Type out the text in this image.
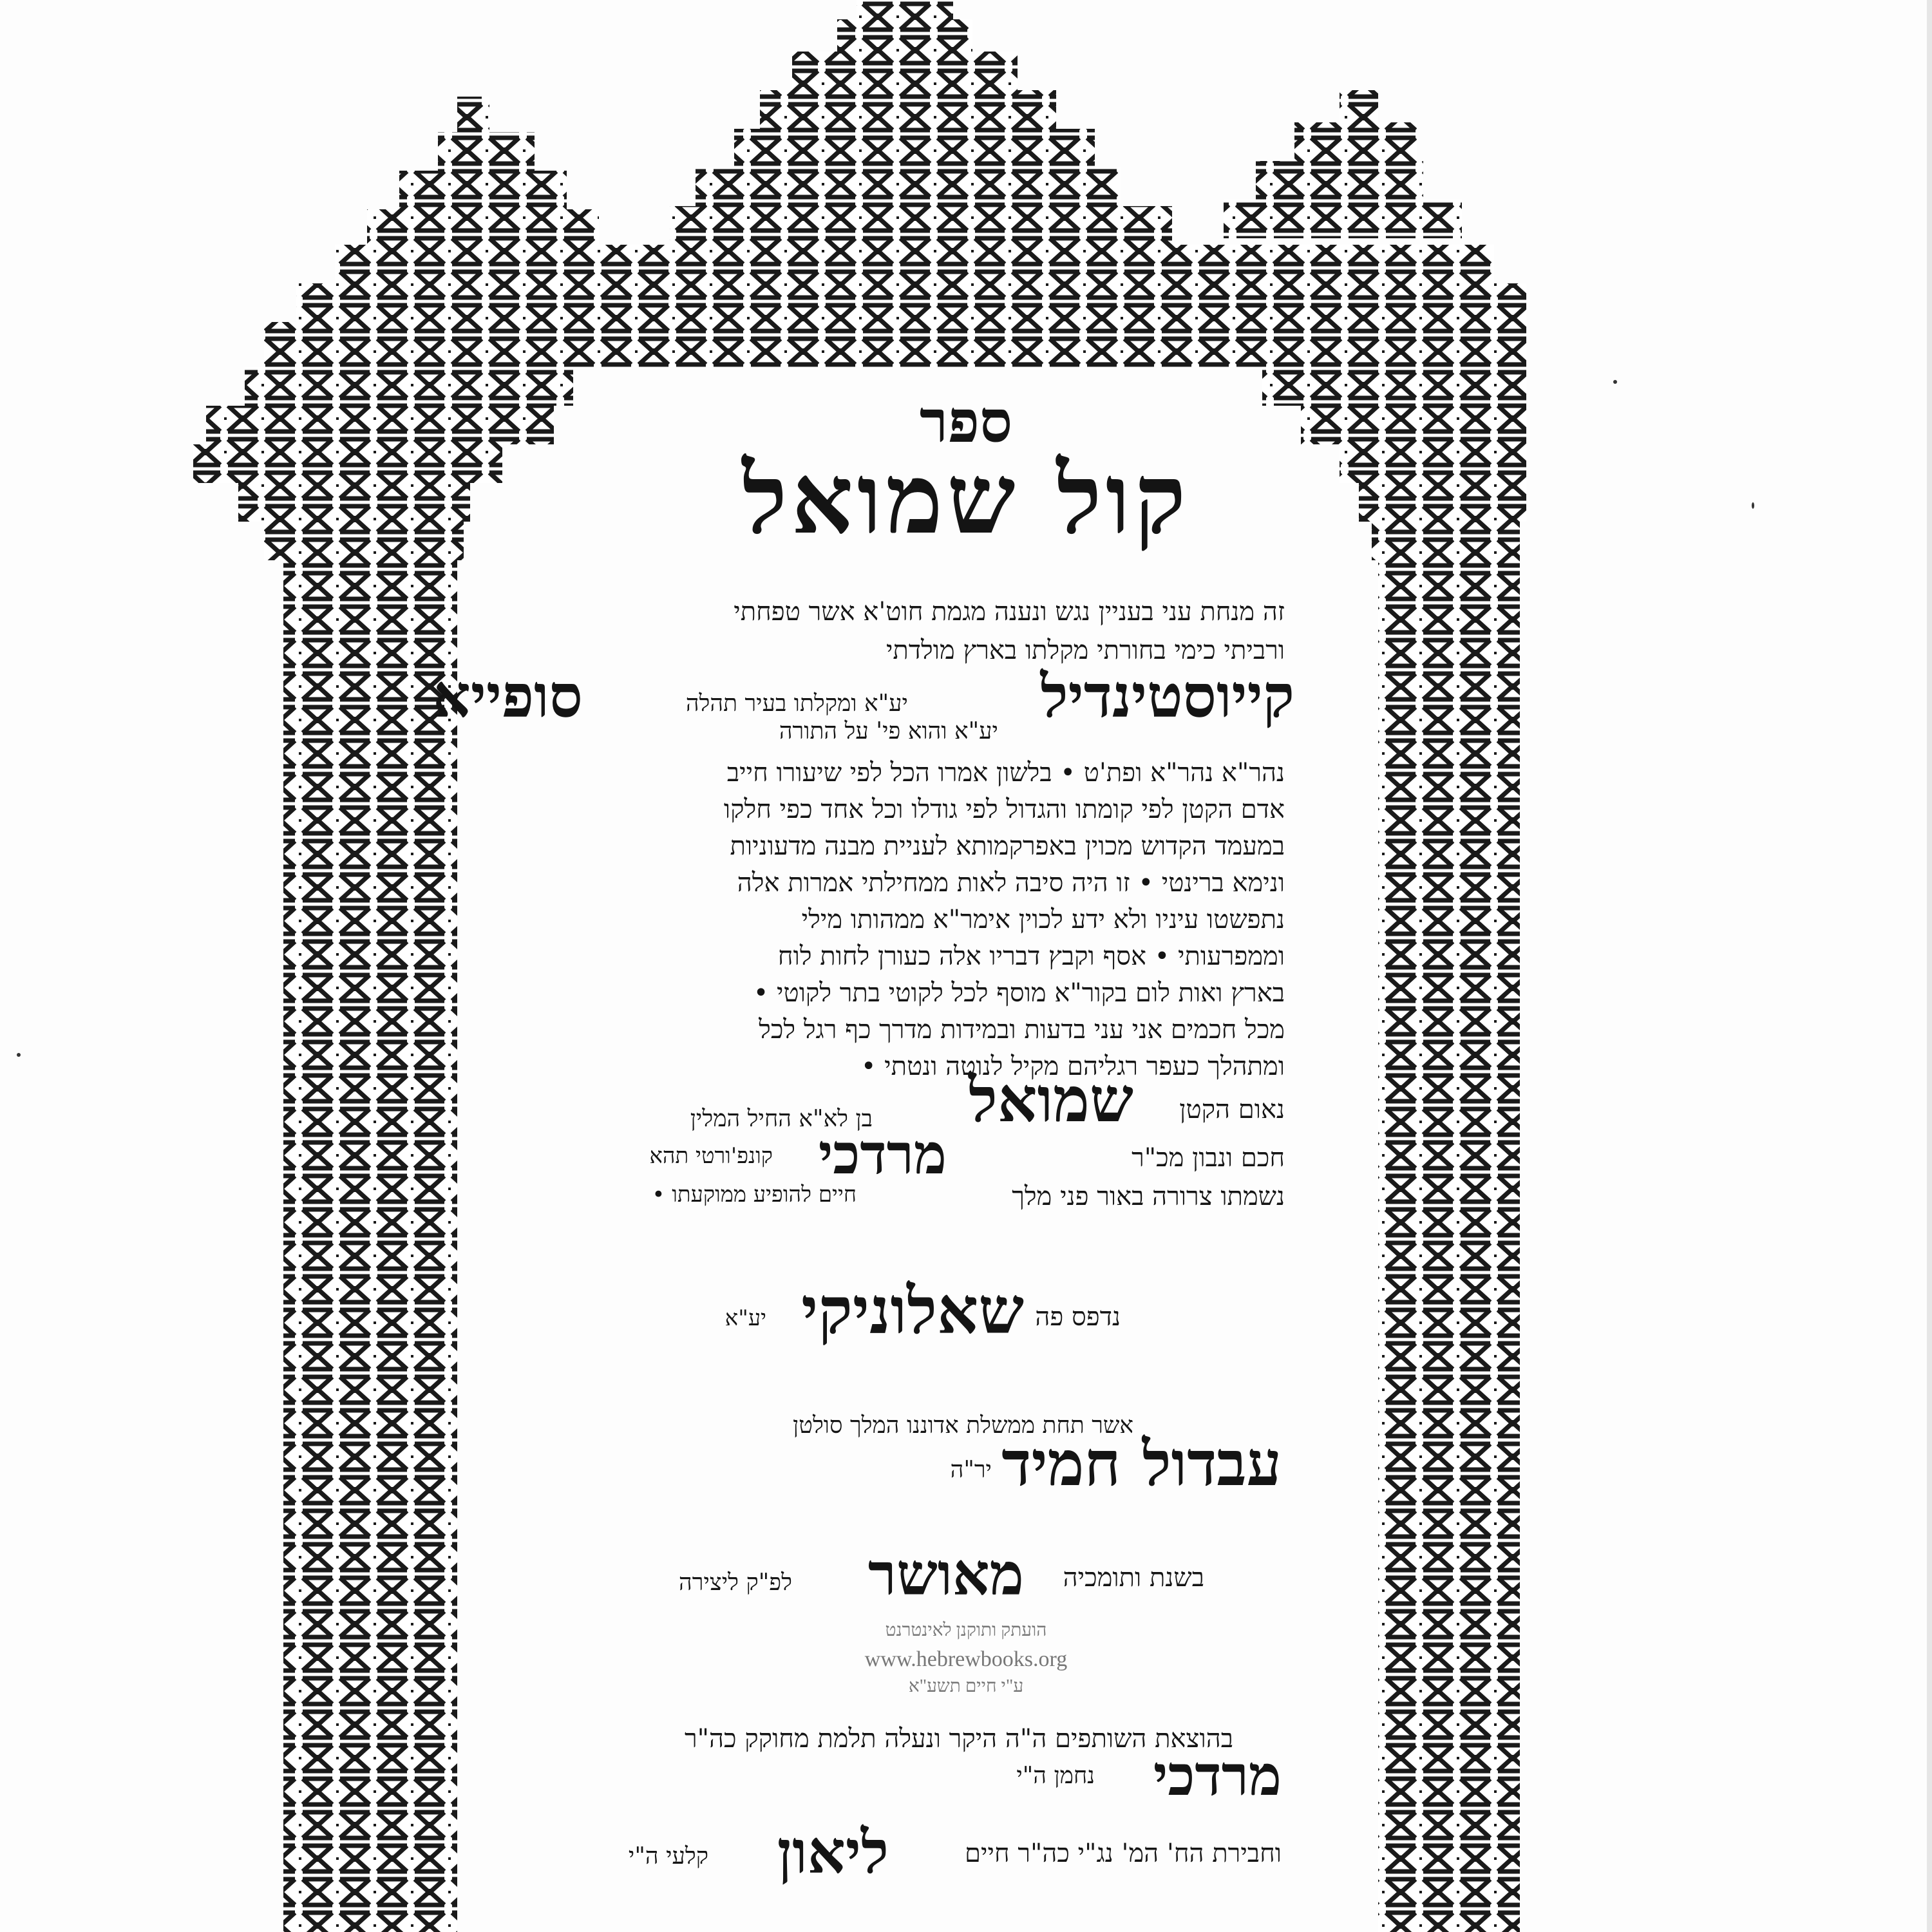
ספר
קול שמואל
זה מנחת עני בעניין נגש ונענה מגמת חוט'א אשר טפחתי
ורביתי כימי בחורתי מקלתו בארץ מולדתי
קייוסטינדיל
יע"א ומקלתו בעיר תהלה
סופייא
יע"א והוא פי' על התורה
נהר"א נהר"א ופת'ט • בלשון אמרו הכל לפי שיעורו חייב
אדם הקטן לפי קומתו והגדול לפי גודלו וכל אחד כפי חלקו
במעמד הקדוש מכוין באפרקמותא לעניית מבנה מדעוניות
ונימא ברינטי • זו היה סיבה לאות ממחילתי אמרות אלה
נתפשטו עיניו ולא ידע לכוין אימר"א ממהותו מילי
וממפרעותי • אסף וקבץ דבריו אלה כעורן לחות לוח
בארץ ואות לום בקור"א מוסף לכל לקוטי בתר לקוטי •
מכל חכמים אני עני בדעות ובמידות מדרך כף רגל לכל
ומתהלך כעפר רגליהם מקיל לנוטה ונטתי •
נאום הקטן
שמואל
בן לא"א החיל המלין
חכם ונבון מכ"ר
מרדכי
קונפ'ורטי תהא
נשמתו צרורה באור פני מלך
חיים להופיע ממוקעתו •
נדפס פה
שאלוניקי
יע"א
אשר תחת ממשלת אדוננו המלך סולטן
עבדול חמיד
יר"ה
בשנת ותומכיה
מאושר
לפ"ק ליצירה
הועתק ותוקנן לאינטרנט
www.hebrewbooks.org
ע"י חיים תשע"א
בהוצאת השותפים ה"ה היקר ונעלה תלמת מחוקק כה"ר
מרדכי
נחמן ה"י
וחבירת הח' המ' נג"י כה"ר חיים
ליאון
קלעי ה"י
